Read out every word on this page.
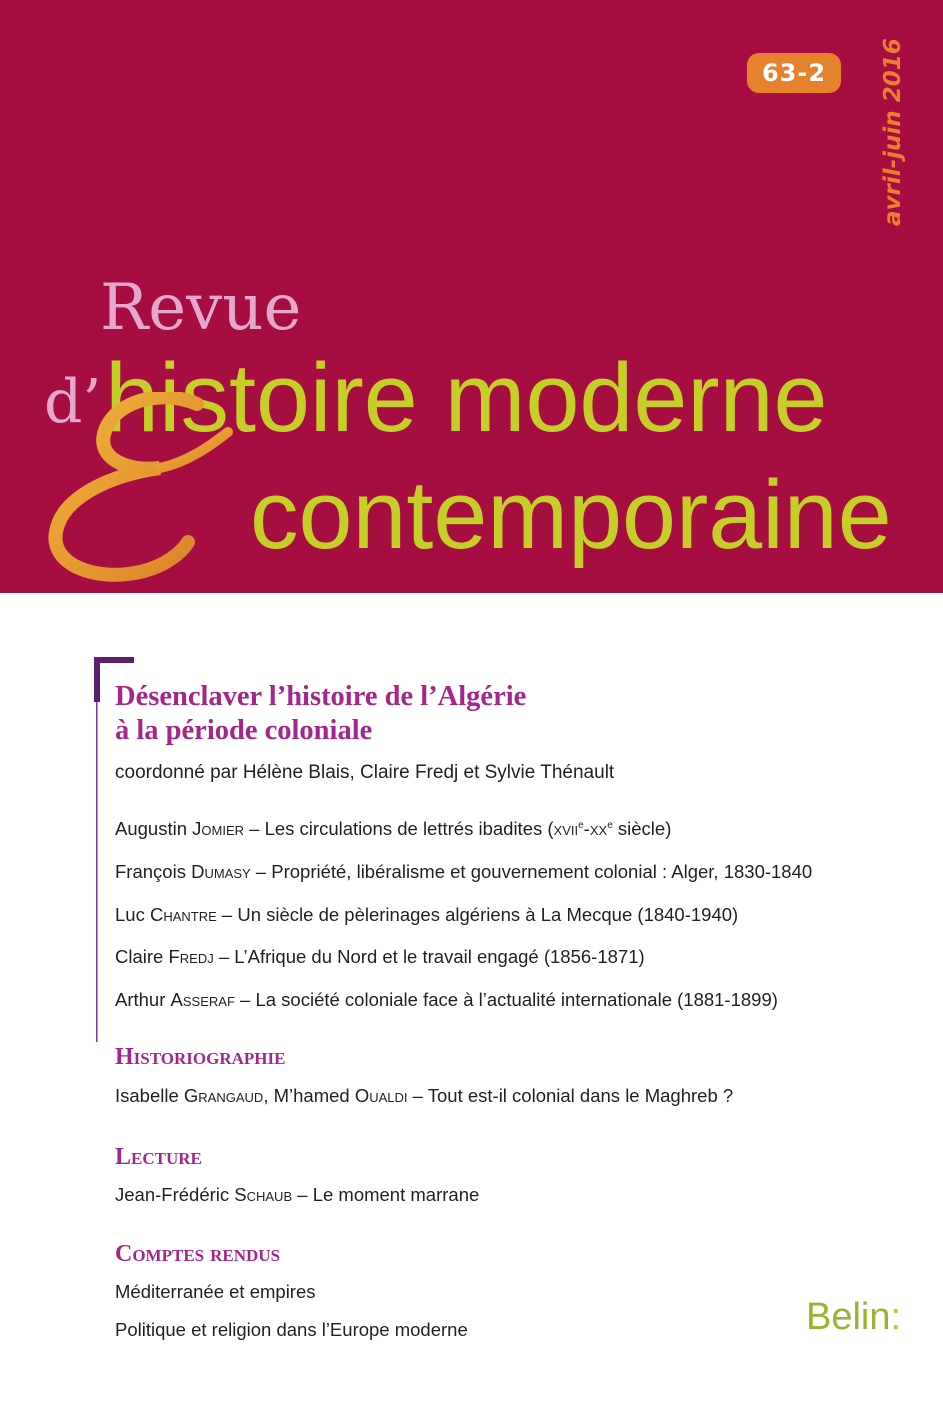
63-2	avril-juin 2016
Revue
d’ histoire moderne
contemporaine
Désenclaver l’histoire de l’Algérie
à la période coloniale
coordonné par Hélène Blais, Claire Fredj et Sylvie Thénault
Augustin Jomier – Les circulations de lettrés ibadites ($xvii^e-xx^e$ siècle)
François Dumasy – Propriété, libéralisme et gouvernement colonial : Alger, 1830-1840
Luc Chantre – Un siècle de pèlerinages algériens à La Mecque (1840-1940)
Claire Fredj – L’Afrique du Nord et le travail engagé (1856-1871)
Arthur Asseraf – La société coloniale face à l’actualité internationale (1881-1899)
Historiographie
Isabelle Grangaud, M’hamed Oualdi – Tout est-il colonial dans le Maghreb ?
Lecture
Jean-Frédéric Schaub – Le moment marrane
Comptes rendus
Méditerranée et empires
Politique et religion dans l’Europe moderne	Belin:
